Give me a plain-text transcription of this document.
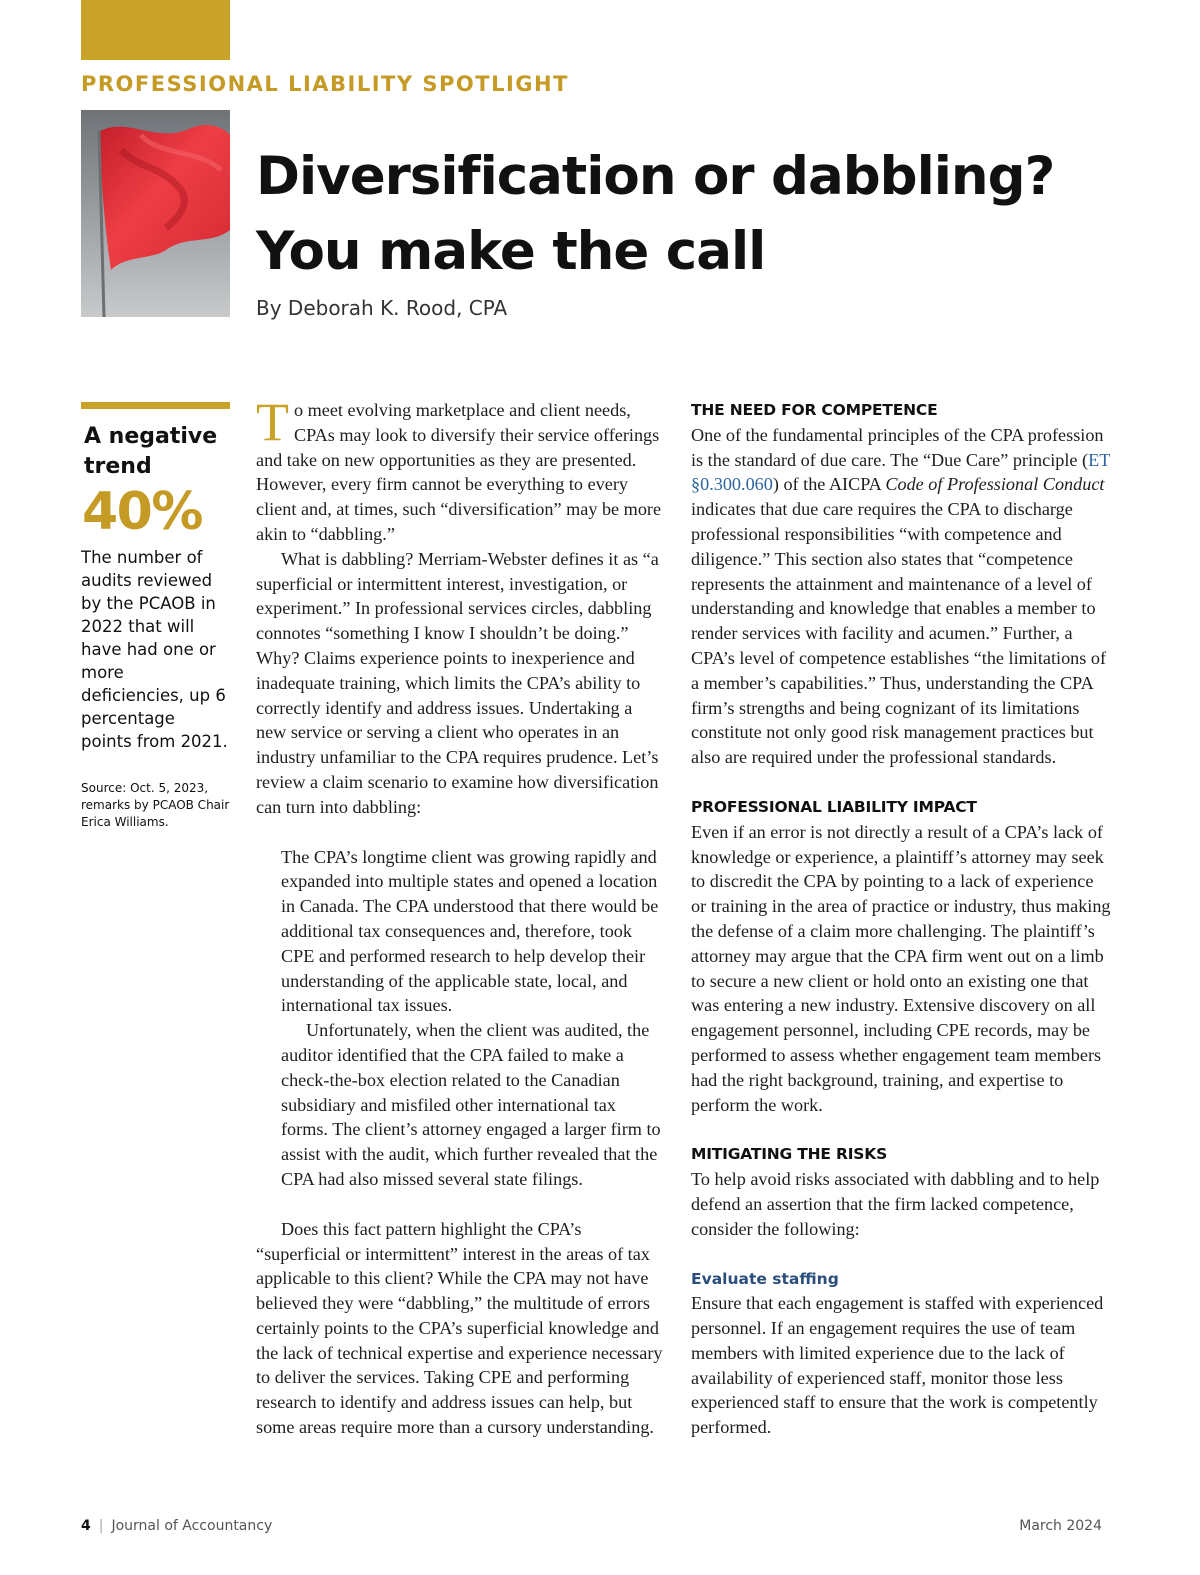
PROFESSIONAL LIABILITY SPOTLIGHT

Diversification or dabbling?
You make the call
By Deborah K. Rood, CPA

A negative trend

40%

The number of audits reviewed by the PCAOB in 2022 that will have had one or more deficiencies, up 6 percentage points from 2021.

Source: Oct. 5, 2023, remarks by PCAOB Chair Erica Williams.

To meet evolving marketplace and client needs, CPAs may look to diversify their service offerings and take on new opportunities as they are presented. However, every firm cannot be everything to every client and, at times, such “diversification” may be more akin to “dabbling.”

What is dabbling? Merriam-Webster defines it as “a superficial or intermittent interest, investigation, or experiment.” In professional services circles, dabbling connotes “something I know I shouldn’t be doing.” Why? Claims experience points to inexperience and inadequate training, which limits the CPA’s ability to correctly identify and address issues. Undertaking a new service or serving a client who operates in an industry unfamiliar to the CPA requires prudence. Let’s review a claim scenario to examine how diversification can turn into dabbling:

The CPA’s longtime client was growing rapidly and expanded into multiple states and opened a location in Canada. The CPA understood that there would be additional tax consequences and, therefore, took CPE and performed research to help develop their understanding of the applicable state, local, and international tax issues.

Unfortunately, when the client was audited, the auditor identified that the CPA failed to make a check-the-box election related to the Canadian subsidiary and misfiled other international tax forms. The client’s attorney engaged a larger firm to assist with the audit, which further revealed that the CPA had also missed several state filings.

Does this fact pattern highlight the CPA’s “superficial or intermittent” interest in the areas of tax applicable to this client? While the CPA may not have believed they were “dabbling,” the multitude of errors certainly points to the CPA’s superficial knowledge and the lack of technical expertise and experience necessary to deliver the services. Taking CPE and performing research to identify and address issues can help, but some areas require more than a cursory understanding.

THE NEED FOR COMPETENCE

One of the fundamental principles of the CPA profession is the standard of due care. The “Due Care” principle (ET §0.300.060) of the AICPA Code of Professional Conduct indicates that due care requires the CPA to discharge professional responsibilities “with competence and diligence.” This section also states that “competence represents the attainment and maintenance of a level of understanding and knowledge that enables a member to render services with facility and acumen.” Further, a CPA’s level of competence establishes “the limitations of a member’s capabilities.” Thus, understanding the CPA firm’s strengths and being cognizant of its limitations constitute not only good risk management practices but also are required under the professional standards.

PROFESSIONAL LIABILITY IMPACT

Even if an error is not directly a result of a CPA’s lack of knowledge or experience, a plaintiff’s attorney may seek to discredit the CPA by pointing to a lack of experience or training in the area of practice or industry, thus making the defense of a claim more challenging. The plaintiff’s attorney may argue that the CPA firm went out on a limb to secure a new client or hold onto an existing one that was entering a new industry. Extensive discovery on all engagement personnel, including CPE records, may be performed to assess whether engagement team members had the right background, training, and expertise to perform the work.

MITIGATING THE RISKS

To help avoid risks associated with dabbling and to help defend an assertion that the firm lacked competence, consider the following:

Evaluate staffing

Ensure that each engagement is staffed with experienced personnel. If an engagement requires the use of team members with limited experience due to the lack of availability of experienced staff, monitor those less experienced staff to ensure that the work is competently performed.

4 | Journal of Accountancy	March 2024
